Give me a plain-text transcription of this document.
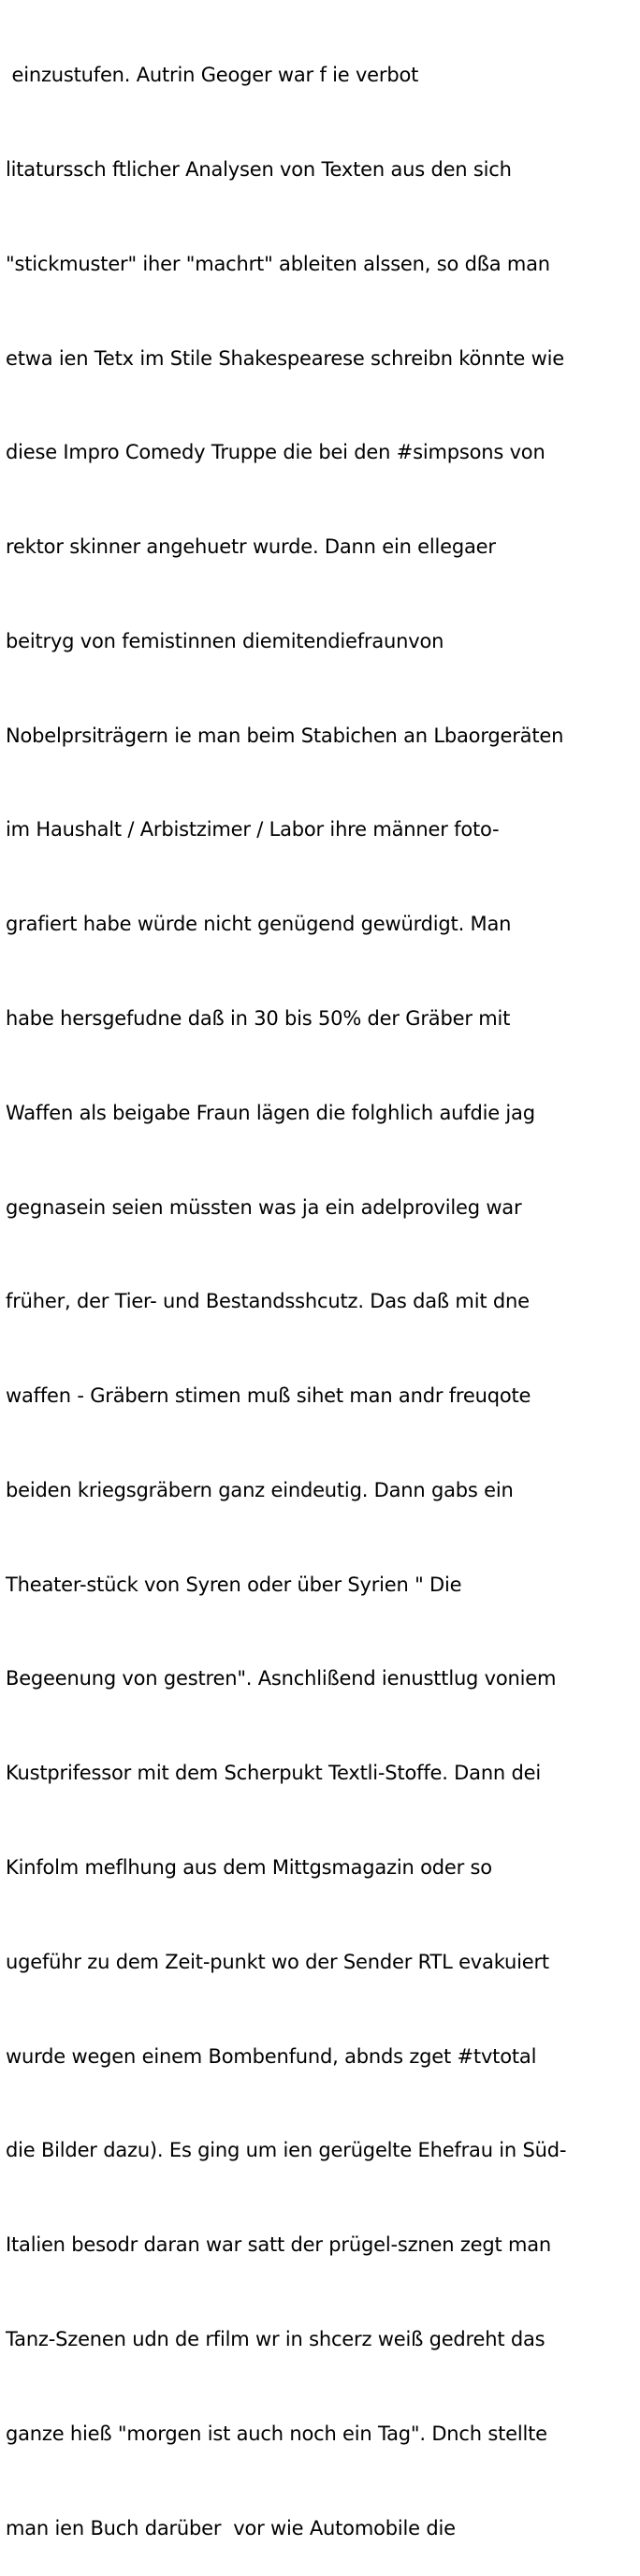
einzustufen. Autrin Geoger war f ie verbot

litaturssch ftlicher Analysen von Texten aus den sich

"stickmuster" iher "machrt" ableiten alssen, so dßa man

etwa ien Tetx im Stile Shakespearese schreibn könnte wie

diese Impro Comedy Truppe die bei den #simpsons von

rektor skinner angehuetr wurde. Dann ein ellegaer

beitryg von femistinnen diemitendiefraunvon

Nobelprsiträgern ie man beim Stabichen an Lbaorgeräten

im Haushalt / Arbistzimer / Labor ihre männer foto-

grafiert habe würde nicht genügend gewürdigt. Man

habe hersgefudne daß in 30 bis 50% der Gräber mit

Waffen als beigabe Fraun lägen die folghlich aufdie jag

gegnasein seien müssten was ja ein adelprovileg war

früher, der Tier- und Bestandsshcutz. Das daß mit dne

waffen - Gräbern stimen muß sihet man andr freuqote

beiden kriegsgräbern ganz eindeutig. Dann gabs ein

Theater-stück von Syren oder über Syrien " Die

Begeenung von gestren". Asnchlißend ienusttlug voniem

Kustprifessor mit dem Scherpukt Textli-Stoffe. Dann dei

Kinfolm meflhung aus dem Mittgsmagazin oder so

ugeführ zu dem Zeit-punkt wo der Sender RTL evakuiert

wurde wegen einem Bombenfund, abnds zget #tvtotal

die Bilder dazu). Es ging um ien gerügelte Ehefrau in Süd-

Italien besodr daran war satt der prügel-sznen zegt man

Tanz-Szenen udn de rfilm wr in shcerz weiß gedreht das

ganze hieß "morgen ist auch noch ein Tag". Dnch stellte

man ien Buch darüber  vor wie Automobile die
